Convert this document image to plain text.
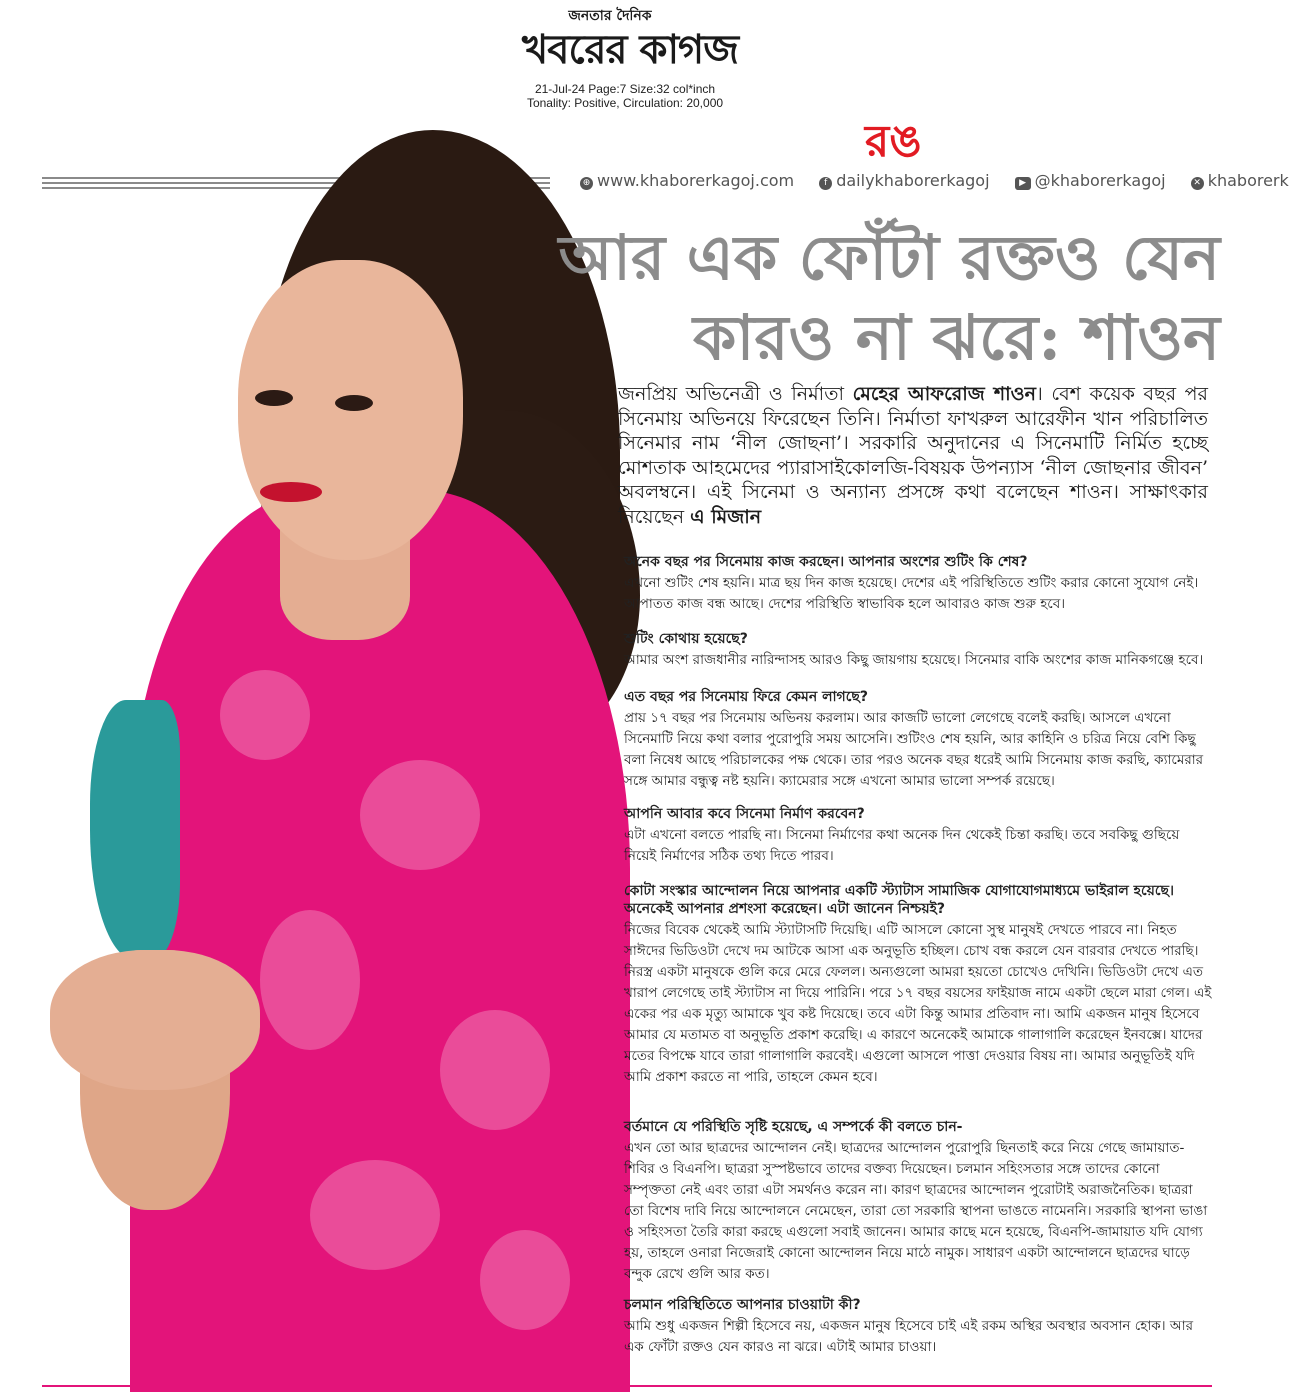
জনতার দৈনিক
খবরের কাগজ
21-Jul-24 Page:7 Size:32 col*inch
Tonality: Positive, Circulation: 20,000
রঙ
⊕ www.khaborerkagoj.com	f dailykhaborerkagoj	▶ @khaborerkagoj	✕ khaborerk
আর এক ফোঁটা রক্তও যেন
কারও না ঝরে: শাওন
জনপ্রিয় অভিনেত্রী ও নির্মাতা মেহের আফরোজ শাওন। বেশ কয়েক বছর পর সিনেমায় অভিনয়ে ফিরেছেন তিনি। নির্মাতা ফাখরুল আরেফীন খান পরিচালিত সিনেমার নাম ‘নীল জোছনা’। সরকারি অনুদানের এ সিনেমাটি নির্মিত হচ্ছে মোশতাক আহমেদের প্যারাসাইকোলজি-বিষয়ক উপন্যাস ‘নীল জোছনার জীবন’ অবলম্বনে। এই সিনেমা ও অন্যান্য প্রসঙ্গে কথা বলেছেন শাওন। সাক্ষাৎকার নিয়েছেন এ মিজান
অনেক বছর পর সিনেমায় কাজ করছেন। আপনার অংশের শুটিং কি শেষ?
এখনো শুটিং শেষ হয়নি। মাত্র ছয় দিন কাজ হয়েছে। দেশের এই পরিস্থিতিতে শুটিং করার কোনো সুযোগ নেই। আপাতত কাজ বন্ধ আছে। দেশের পরিস্থিতি স্বাভাবিক হলে আবারও কাজ শুরু হবে।
শুটিং কোথায় হয়েছে?
আমার অংশ রাজধানীর নারিন্দাসহ আরও কিছু জায়গায় হয়েছে। সিনেমার বাকি অংশের কাজ মানিকগঞ্জে হবে।
এত বছর পর সিনেমায় ফিরে কেমন লাগছে?
প্রায় ১৭ বছর পর সিনেমায় অভিনয় করলাম। আর কাজটি ভালো লেগেছে বলেই করছি। আসলে এখনো সিনেমাটি নিয়ে কথা বলার পুরোপুরি সময় আসেনি। শুটিংও শেষ হয়নি, আর কাহিনি ও চরিত্র নিয়ে বেশি কিছু বলা নিষেধ আছে পরিচালকের পক্ষ থেকে। তার পরও অনেক বছর ধরেই আমি সিনেমায় কাজ করছি, ক্যামেরার সঙ্গে আমার বন্ধুত্ব নষ্ট হয়নি। ক্যামেরার সঙ্গে এখনো আমার ভালো সম্পর্ক রয়েছে।
আপনি আবার কবে সিনেমা নির্মাণ করবেন?
এটা এখনো বলতে পারছি না। সিনেমা নির্মাণের কথা অনেক দিন থেকেই চিন্তা করছি। তবে সবকিছু গুছিয়ে নিয়েই নির্মাণের সঠিক তথ্য দিতে পারব।
কোটা সংস্কার আন্দোলন নিয়ে আপনার একটি স্ট্যাটাস সামাজিক যোগাযোগমাধ্যমে ভাইরাল হয়েছে। অনেকেই আপনার প্রশংসা করেছেন। এটা জানেন নিশ্চয়ই?
নিজের বিবেক থেকেই আমি স্ট্যাটাসটি দিয়েছি। এটি আসলে কোনো সুস্থ মানুষই দেখতে পারবে না। নিহত সাঈদের ভিডিওটা দেখে দম আটকে আসা এক অনুভূতি হচ্ছিল। চোখ বন্ধ করলে যেন বারবার দেখতে পারছি। নিরস্ত্র একটা মানুষকে গুলি করে মেরে ফেলল। অন্যগুলো আমরা হয়তো চোখেও দেখিনি। ভিডিওটা দেখে এত খারাপ লেগেছে তাই স্ট্যাটাস না দিয়ে পারিনি। পরে ১৭ বছর বয়সের ফাইয়াজ নামে একটা ছেলে মারা গেল। এই একের পর এক মৃত্যু আমাকে খুব কষ্ট দিয়েছে। তবে এটা কিন্তু আমার প্রতিবাদ না। আমি একজন মানুষ হিসেবে আমার যে মতামত বা অনুভূতি প্রকাশ করেছি। এ কারণে অনেকেই আমাকে গালাগালি করেছেন ইনবক্সে। যাদের মতের বিপক্ষে যাবে তারা গালাগালি করবেই। এগুলো আসলে পাত্তা দেওয়ার বিষয় না। আমার অনুভূতিই যদি আমি প্রকাশ করতে না পারি, তাহলে কেমন হবে।
বর্তমানে যে পরিস্থিতি সৃষ্টি হয়েছে, এ সম্পর্কে কী বলতে চান-
এখন তো আর ছাত্রদের আন্দোলন নেই। ছাত্রদের আন্দোলন পুরোপুরি ছিনতাই করে নিয়ে গেছে জামায়াত-শিবির ও বিএনপি। ছাত্ররা সুস্পষ্টভাবে তাদের বক্তব্য দিয়েছেন। চলমান সহিংসতার সঙ্গে তাদের কোনো সম্পৃক্ততা নেই এবং তারা এটা সমর্থনও করেন না। কারণ ছাত্রদের আন্দোলন পুরোটাই অরাজনৈতিক। ছাত্ররা তো বিশেষ দাবি নিয়ে আন্দোলনে নেমেছেন, তারা তো সরকারি স্থাপনা ভাঙতে নামেননি। সরকারি স্থাপনা ভাঙা ও সহিংসতা তৈরি কারা করছে এগুলো সবাই জানেন। আমার কাছে মনে হয়েছে, বিএনপি-জামায়াত যদি যোগ্য হয়, তাহলে ওনারা নিজেরাই কোনো আন্দোলন নিয়ে মাঠে নামুক। সাধারণ একটা আন্দোলনে ছাত্রদের ঘাড়ে বন্দুক রেখে গুলি আর কত।
চলমান পরিস্থিতিতে আপনার চাওয়াটা কী?
আমি শুধু একজন শিল্পী হিসেবে নয়, একজন মানুষ হিসেবে চাই এই রকম অস্থির অবস্থার অবসান হোক। আর এক ফোঁটা রক্তও যেন কারও না ঝরে। এটাই আমার চাওয়া।
